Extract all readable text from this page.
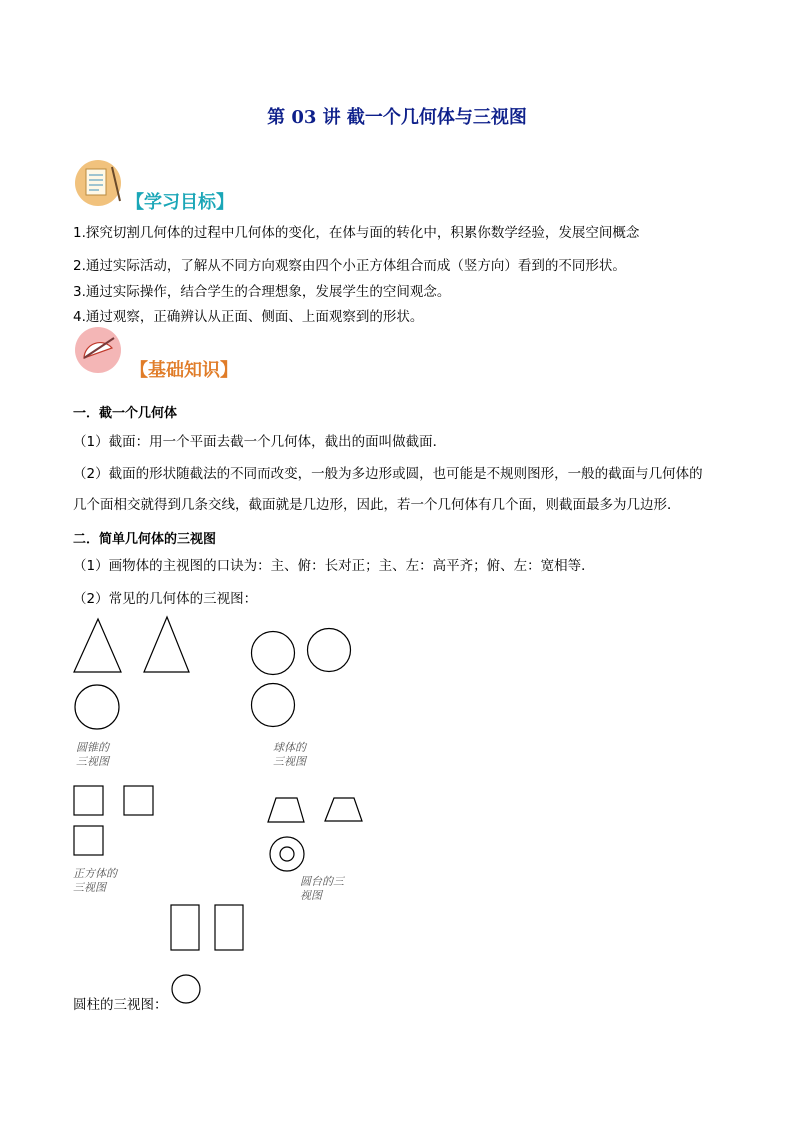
第 03 讲 截一个几何体与三视图
【学习目标】
1.探究切割几何体的过程中几何体的变化，在体与面的转化中，积累你数学经验，发展空间概念
2.通过实际活动，了解从不同方向观察由四个小正方体组合而成（竖方向）看到的不同形状。
3.通过实际操作，结合学生的合理想象，发展学生的空间观念。
4.通过观察，正确辨认从正面、侧面、上面观察到的形状。
【基础知识】
一．截一个几何体
（1）截面：用一个平面去截一个几何体，截出的面叫做截面．
（2）截面的形状随截法的不同而改变，一般为多边形或圆，也可能是不规则图形，一般的截面与几何体的
几个面相交就得到几条交线，截面就是几边形，因此，若一个几何体有几个面，则截面最多为几边形．
二．简单几何体的三视图
（1）画物体的主视图的口诀为：主、俯：长对正；主、左：高平齐；俯、左：宽相等．
（2）常见的几何体的三视图：
圆锥的
三视图
球体的
三视图
正方体的
三视图	圆台的三
视图
圆柱的三视图：
